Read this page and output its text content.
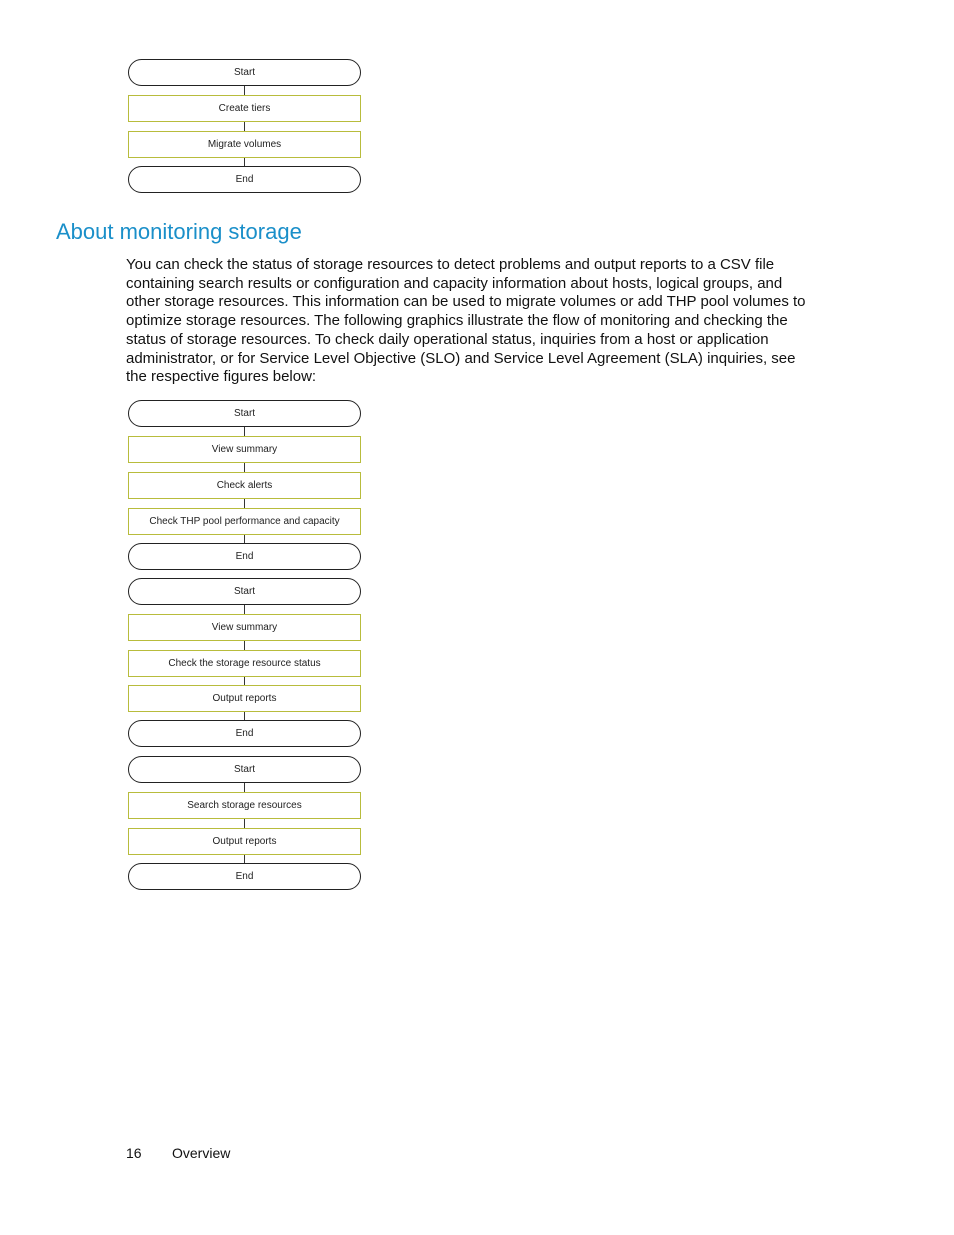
Start
Create tiers
Migrate volumes
End
About monitoring storage

You can check the status of storage resources to detect problems and output reports to a CSV file containing search results or configuration and capacity information about hosts, logical groups, and other storage resources. This information can be used to migrate volumes or add THP pool volumes to optimize storage resources. The following graphics illustrate the flow of monitoring and checking the status of storage resources. To check daily operational status, inquiries from a host or application administrator, or for Service Level Objective (SLO) and Service Level Agreement (SLA) inquiries, see the respective figures below:

Start
View summary
Check alerts
Check THP pool performance and capacity
End
Start
View summary
Check the storage resource status
Output reports
End
Start
Search storage resources
Output reports
End
16 Overview
